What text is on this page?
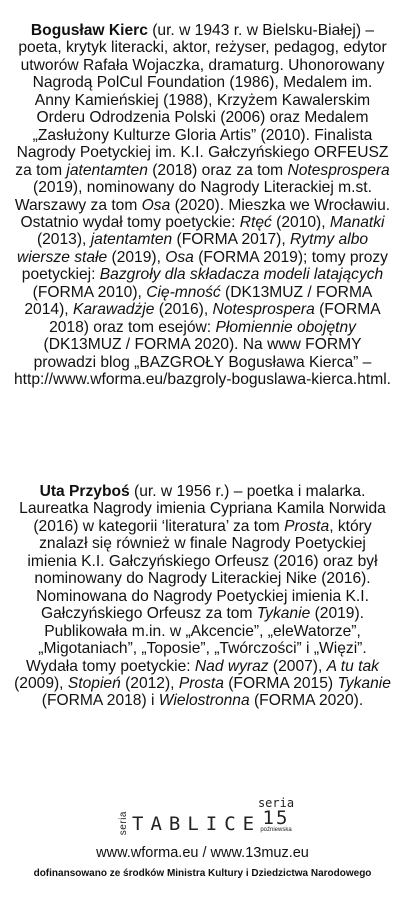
Bogusław Kierc (ur. w 1943 r. w Bielsku-Białej) – poeta, krytyk literacki, aktor, reżyser, pedagog, edytor utworów Rafała Wojaczka, dramaturg. Uhonorowany Nagrodą PolCul Foundation (1986), Medalem im. Anny Kamieńskiej (1988), Krzyżem Kawalerskim Orderu Odrodzenia Polski (2006) oraz Medalem „Zasłużony Kulturze Gloria Artis” (2010). Finalista Nagrody Poetyckiej im. K.I. Gałczyńskiego ORFEUSZ za tom jatentamten (2018) oraz za tom Notesprospera (2019), nominowany do Nagrody Literackiej m.st. Warszawy za tom Osa (2020). Mieszka we Wrocławiu. Ostatnio wydał tomy poetyckie: Rtęć (2010), Manatki (2013), jatentamten (FORMA 2017), Rytmy albo wiersze stałe (2019), Osa (FORMA 2019); tomy prozy poetyckiej: Bazgroły dla składacza modeli latających (FORMA 2010), Cię-mność (DK13MUZ / FORMA 2014), Karawadżje (2016), Notesprospera (FORMA 2018) oraz tom esejów: Płomiennie obojętny (DK13MUZ / FORMA 2020). Na www FORMY prowadzi blog „BAZGROŁY Bogusława Kierca” – http://www.wforma.eu/bazgroly-boguslawa-kierca.html.

Uta Przyboś (ur. w 1956 r.) – poetka i malarka. Laureatka Nagrody imienia Cypriana Kamila Norwida (2016) w kategorii ‘literatura’ za tom Prosta, który znalazł się również w finale Nagrody Poetyckiej imienia K.I. Gałczyńskiego Orfeusz (2016) oraz był nominowany do Nagrody Literackiej Nike (2016). Nominowana do Nagrody Poetyckiej imienia K.I. Gałczyńskiego Orfeusz za tom Tykanie (2019). Publikowała m.in. w „Akcencie”, „eleWatorze”, „Migotaniach”, „Toposie”, „Twórczości” i „Więzi”. Wydała tomy poetyckie: Nad wyraz (2007), A tu tak (2009), Stopień (2012), Prosta (FORMA 2015) Tykanie (FORMA 2018) i Wielostronna (FORMA 2020).

seria TABLICE
seria
15
poźniewska
www.wforma.eu / www.13muz.eu
dofinansowano ze środków Ministra Kultury i Dziedzictwa Narodowego
